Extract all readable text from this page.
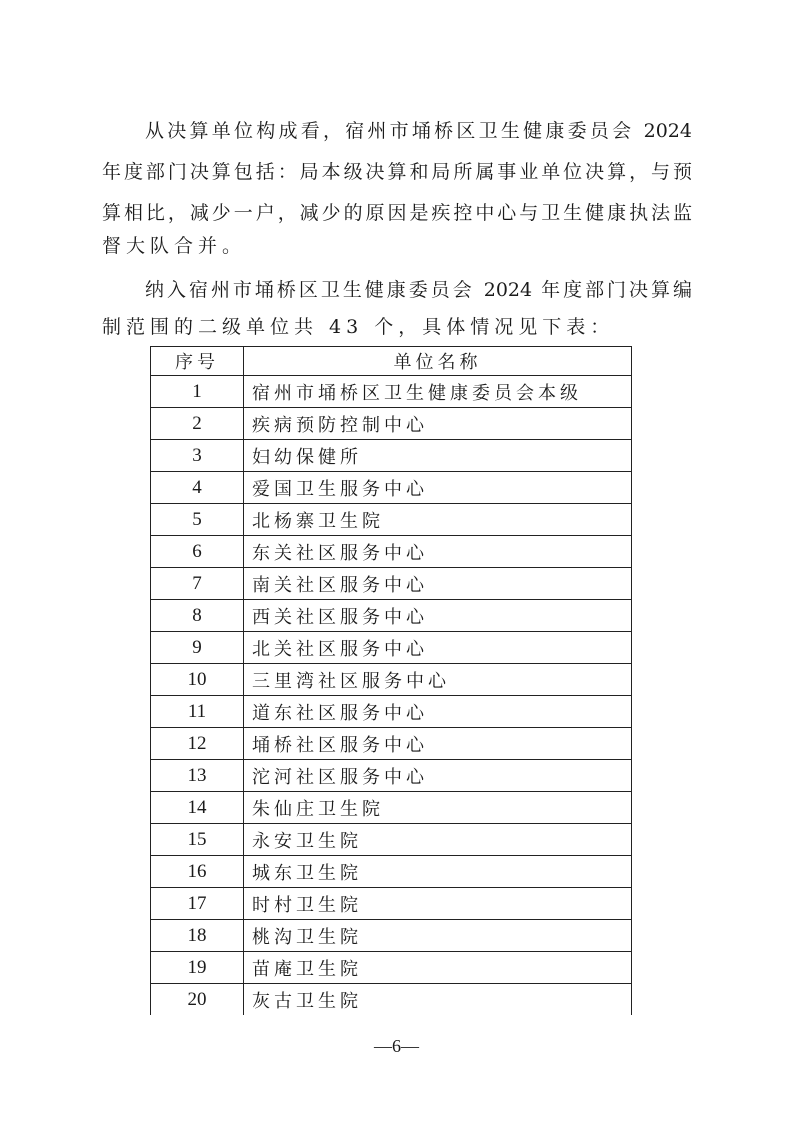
从决算单位构成看，宿州市埇桥区卫生健康委员会 2024
年度部门决算包括：局本级决算和局所属事业单位决算，与预
算相比，减少一户，减少的原因是疾控中心与卫生健康执法监
督大队合并。
纳入宿州市埇桥区卫生健康委员会 2024 年度部门决算编
制范围的二级单位共 43 个，具体情况见下表：
序号	单位名称
1	宿州市埇桥区卫生健康委员会本级
2	疾病预防控制中心
3	妇幼保健所
4	爱国卫生服务中心
5	北杨寨卫生院
6	东关社区服务中心
7	南关社区服务中心
8	西关社区服务中心
9	北关社区服务中心
10	三里湾社区服务中心
11	道东社区服务中心
12	埇桥社区服务中心
13	沱河社区服务中心
14	朱仙庄卫生院
15	永安卫生院
16	城东卫生院
17	时村卫生院
18	桃沟卫生院
19	苗庵卫生院
20	灰古卫生院
—6—
